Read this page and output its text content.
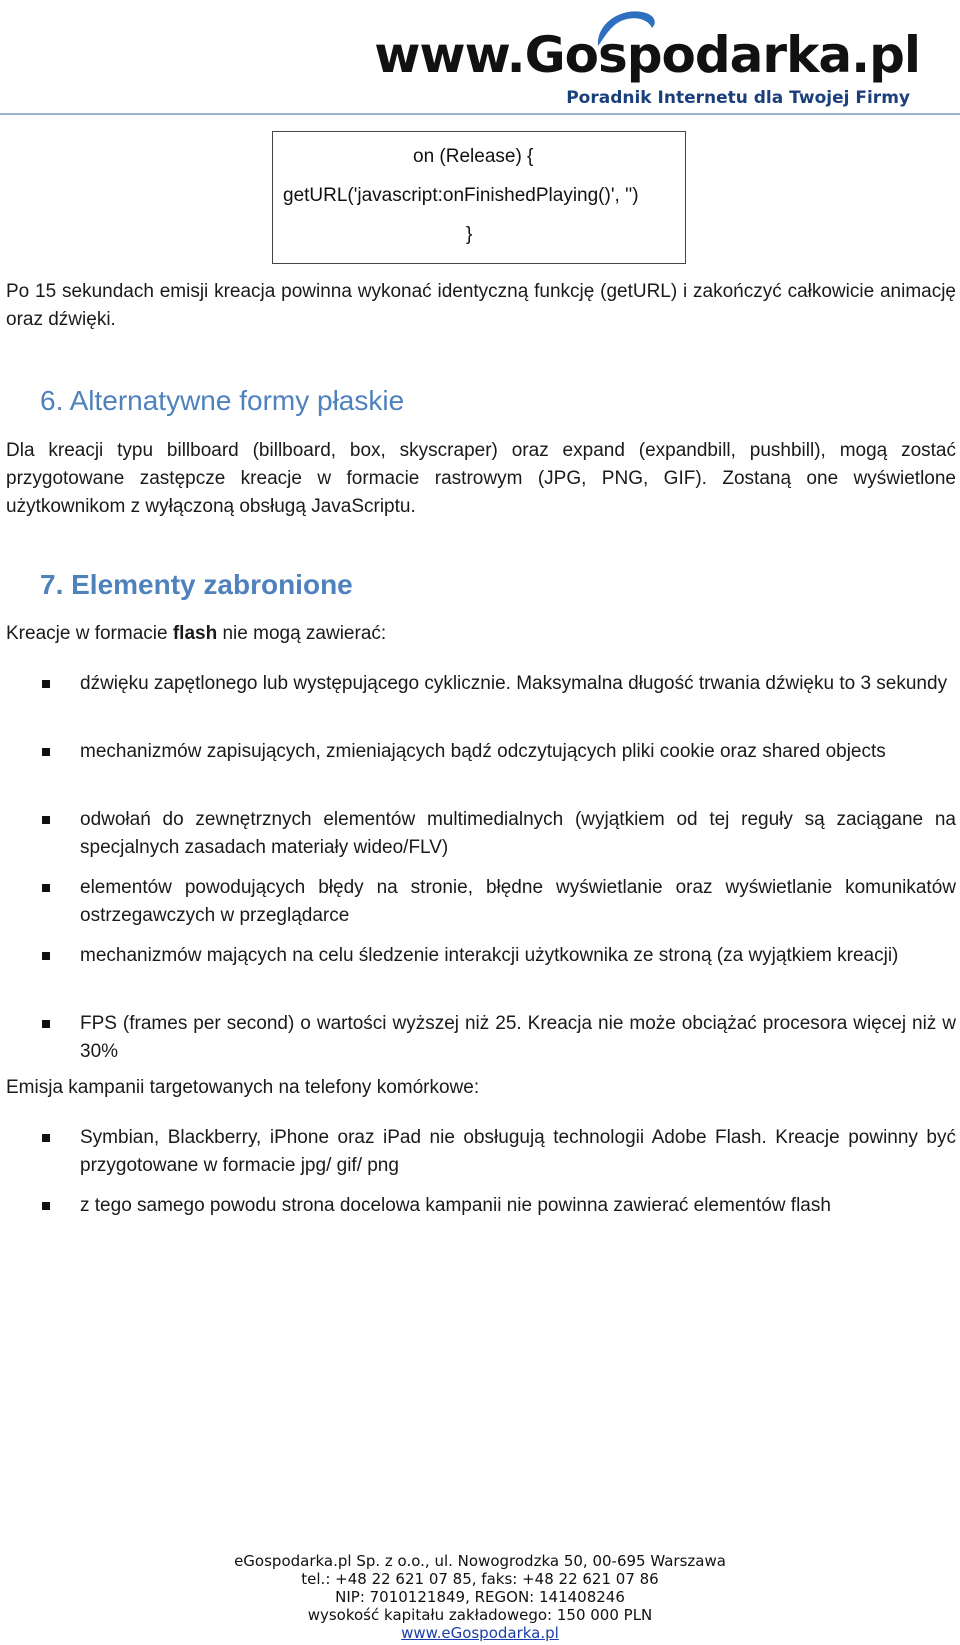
www.Gospodarka.pl
Poradnik Internetu dla Twojej Firmy
on (Release) {
getURL('javascript:onFinishedPlaying()', '')
}
Po 15 sekundach emisji kreacja powinna wykonać identyczną funkcję (getURL) i zakończyć całkowicie animację oraz dźwięki.
6. Alternatywne formy płaskie
Dla kreacji typu billboard (billboard, box, skyscraper) oraz expand (expandbill, pushbill), mogą zostać przygotowane zastępcze kreacje w formacie rastrowym (JPG, PNG, GIF). Zostaną one wyświetlone użytkownikom z wyłączoną obsługą JavaScriptu.
7. Elementy zabronione
Kreacje w formacie flash nie mogą zawierać:
dźwięku zapętlonego lub występującego cyklicznie. Maksymalna długość trwania dźwięku to 3 sekundy
mechanizmów zapisujących, zmieniających bądź odczytujących pliki cookie oraz shared objects
odwołań do zewnętrznych elementów multimedialnych (wyjątkiem od tej reguły są zaciągane na specjalnych zasadach materiały wideo/FLV)
elementów powodujących błędy na stronie, błędne wyświetlanie oraz wyświetlanie komunikatów ostrzegawczych w przeglądarce
mechanizmów mających na celu śledzenie interakcji użytkownika ze stroną (za wyjątkiem kreacji)
FPS (frames per second) o wartości wyższej niż 25. Kreacja nie może obciążać procesora więcej niż w 30%
Emisja kampanii targetowanych na telefony komórkowe:
Symbian, Blackberry, iPhone oraz iPad nie obsługują technologii Adobe Flash. Kreacje powinny być przygotowane w formacie jpg/ gif/ png
z tego samego powodu strona docelowa kampanii nie powinna zawierać elementów flash
eGospodarka.pl Sp. z o.o., ul. Nowogrodzka 50, 00-695 Warszawa
tel.: +48 22 621 07 85, faks: +48 22 621 07 86
NIP: 7010121849, REGON: 141408246
wysokość kapitału zakładowego: 150 000 PLN
www.eGospodarka.pl
